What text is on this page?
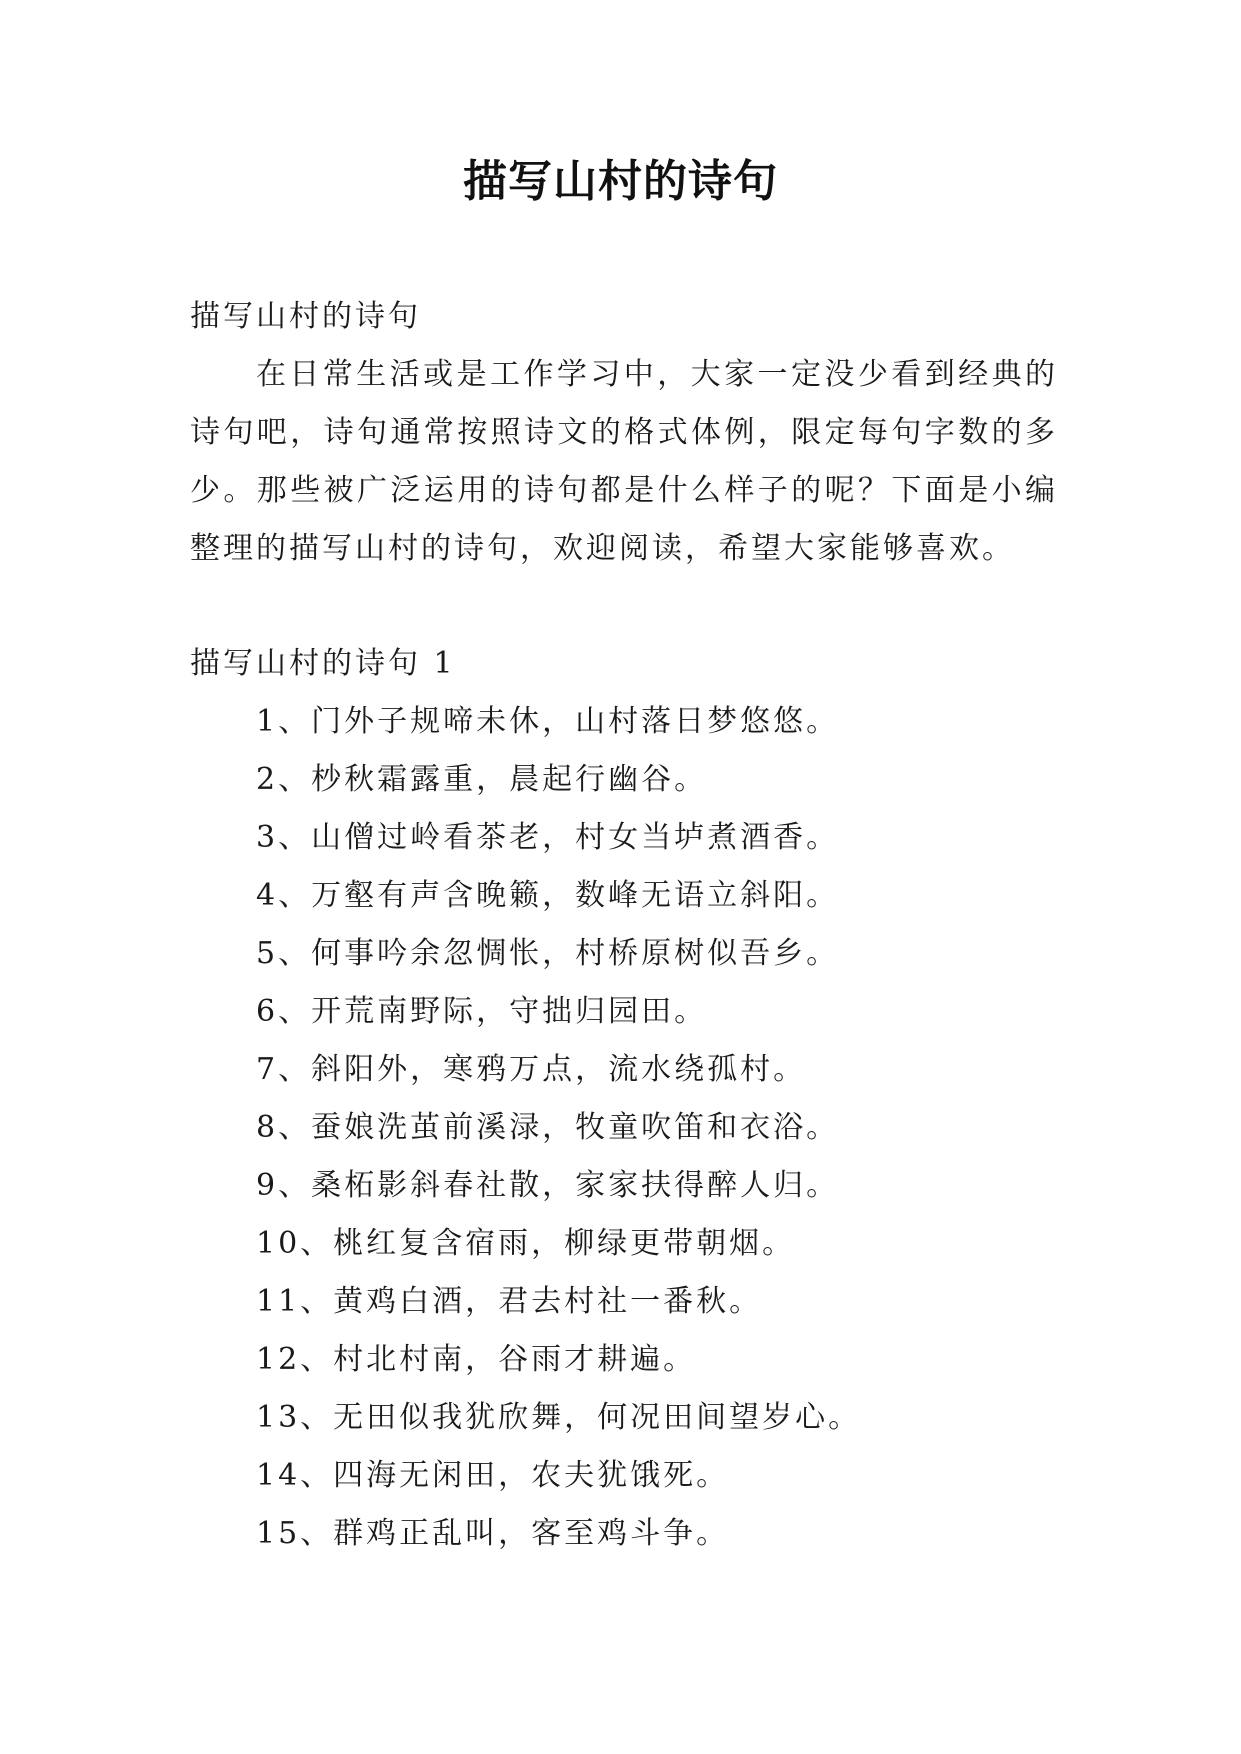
描写山村的诗句
描写山村的诗句
在日常生活或是工作学习中，大家一定没少看到经典的诗句吧，诗句通常按照诗文的格式体例，限定每句字数的多少。那些被广泛运用的诗句都是什么样子的呢？下面是小编整理的描写山村的诗句，欢迎阅读，希望大家能够喜欢。
描写山村的诗句 1
1、门外子规啼未休，山村落日梦悠悠。
2、杪秋霜露重，晨起行幽谷。
3、山僧过岭看茶老，村女当垆煮酒香。
4、万壑有声含晚籁，数峰无语立斜阳。
5、何事吟余忽惆怅，村桥原树似吾乡。
6、开荒南野际，守拙归园田。
7、斜阳外，寒鸦万点，流水绕孤村。
8、蚕娘洗茧前溪渌，牧童吹笛和衣浴。
9、桑柘影斜春社散，家家扶得醉人归。
10、桃红复含宿雨，柳绿更带朝烟。
11、黄鸡白酒，君去村社一番秋。
12、村北村南，谷雨才耕遍。
13、无田似我犹欣舞，何况田间望岁心。
14、四海无闲田，农夫犹饿死。
15、群鸡正乱叫，客至鸡斗争。
